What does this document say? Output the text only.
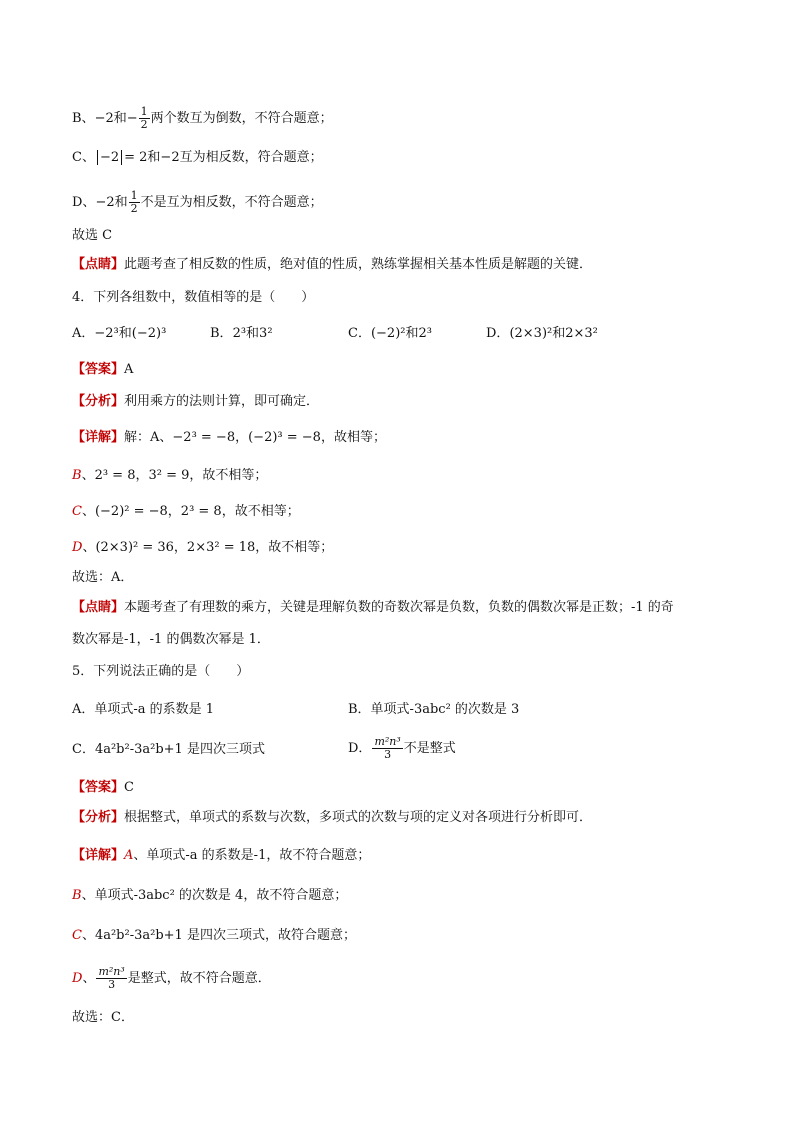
B、−2和− $\frac{1}{2}$ 两个数互为倒数，不符合题意；
C、 −2 = 2和−2互为相反数，符合题意；
D、−2和 $\frac{1}{2}$ 不是互为相反数，不符合题意；
故选 C
【点睛】此题考查了相反数的性质，绝对值的性质，熟练掌握相关基本性质是解题的关键．
4．下列各组数中，数值相等的是（　　）
A．−2³和(−2)³	B．2³和3²	C．(−2)²和2³	D．(2×3)²和2×3²
【答案】A
【分析】利用乘方的法则计算，即可确定．
【详解】解：A、−2³ = −8，(−2)³ = −8，故相等；
B、2³ = 8，3² = 9，故不相等；
C、(−2)² = −8，2³ = 8，故不相等；
D、(2×3)² = 36，2×3² = 18，故不相等；
故选：A．
【点睛】本题考查了有理数的乘方，关键是理解负数的奇数次幂是负数，负数的偶数次幂是正数；-1 的奇
数次幂是-1，-1 的偶数次幂是 1．
5．下列说法正确的是（　　）
A．单项式-a 的系数是 1	B．单项式-3abc² 的次数是 3
C．4a²b²-3a²b+1 是四次三项式	D． $\frac{\text{m²n³}}{3}$ 不是整式
【答案】C
【分析】根据整式，单项式的系数与次数，多项式的次数与项的定义对各项进行分析即可．
【详解】A、单项式-a 的系数是-1，故不符合题意；
B、单项式-3abc² 的次数是 4，故不符合题意；
C、4a²b²-3a²b+1 是四次三项式，故符合题意；
D、 $\frac{\text{m²n³}}{3}$ 是整式，故不符合题意．
故选：C．
